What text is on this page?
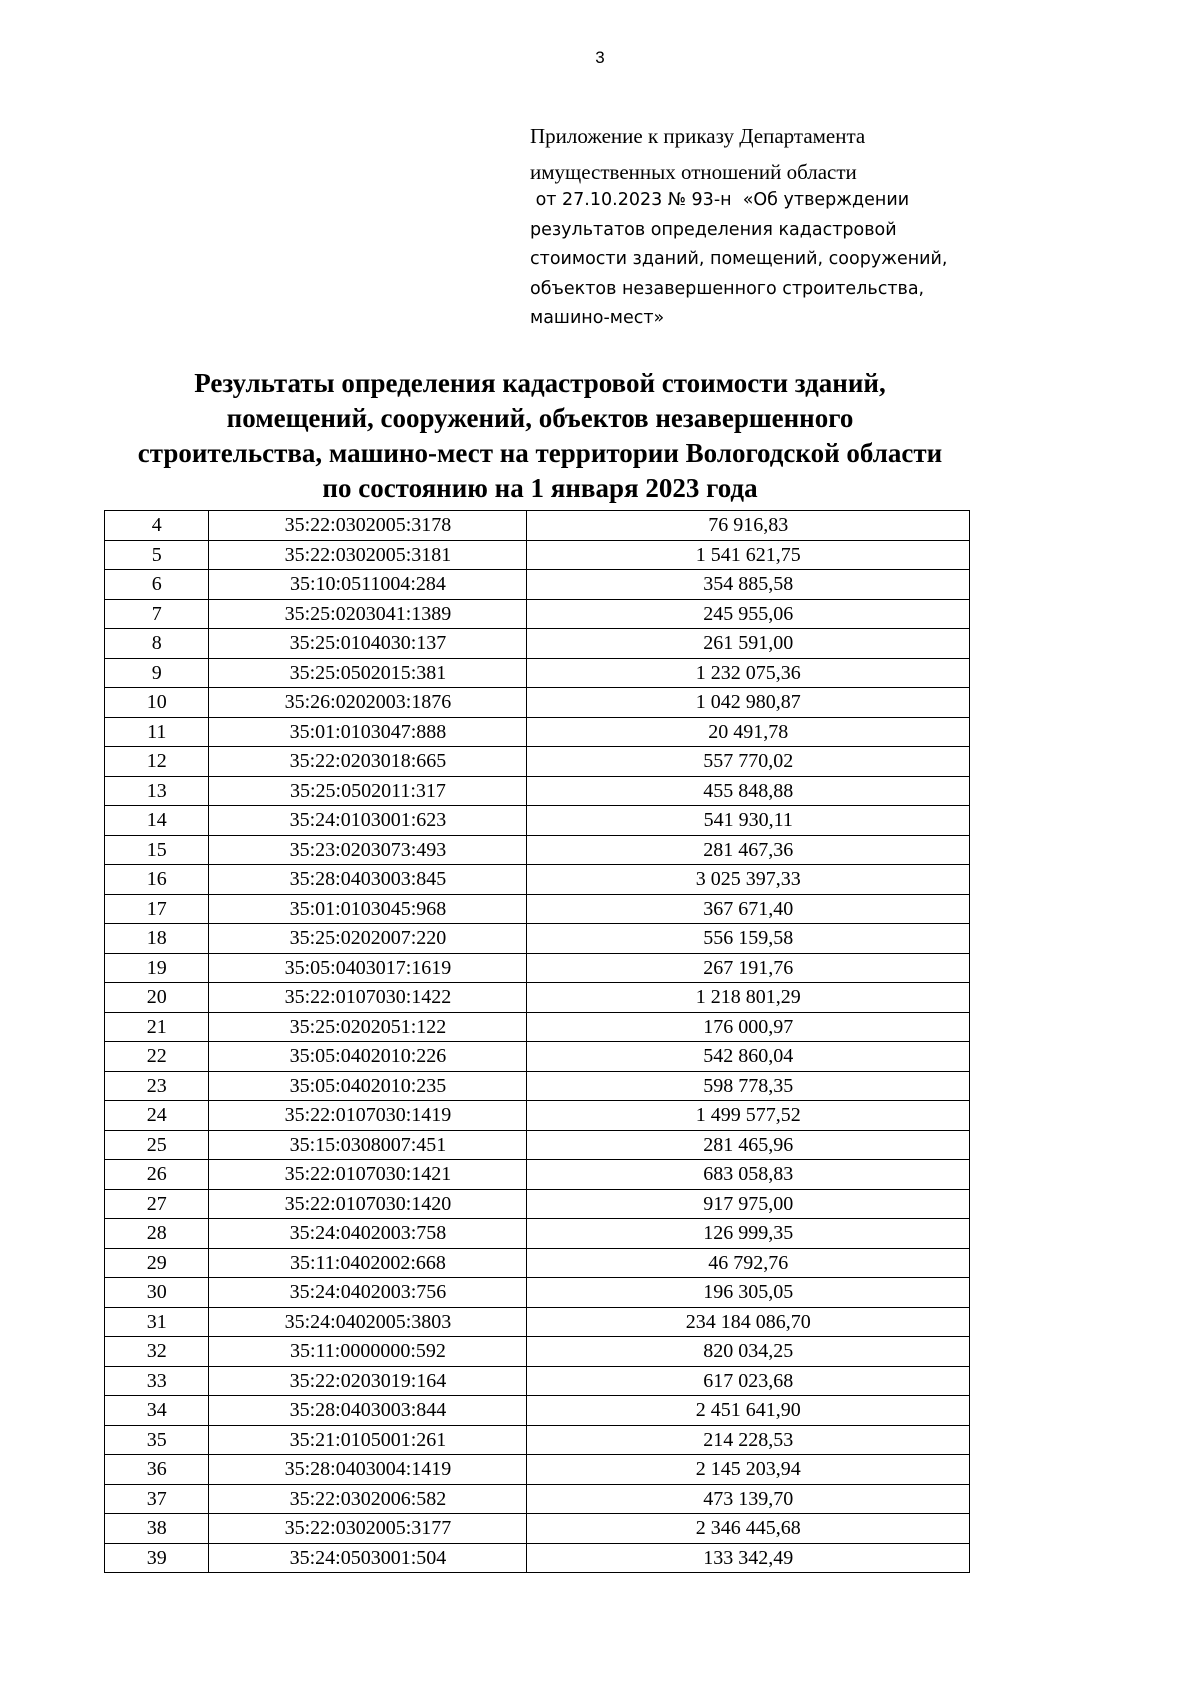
3
Приложение к приказу Департамента
имущественных отношений области
от 27.10.2023 № 93-н  «Об утверждении
результатов определения кадастровой
стоимости зданий, помещений, сооружений,
объектов незавершенного строительства,
машино-мест»
Результаты определения кадастровой стоимости зданий,
помещений, сооружений, объектов незавершенного
строительства, машино-мест на территории Вологодской области
по состоянию на 1 января 2023 года
4	35:22:0302005:3178	76 916,83
5	35:22:0302005:3181	1 541 621,75
6	35:10:0511004:284	354 885,58
7	35:25:0203041:1389	245 955,06
8	35:25:0104030:137	261 591,00
9	35:25:0502015:381	1 232 075,36
10	35:26:0202003:1876	1 042 980,87
11	35:01:0103047:888	20 491,78
12	35:22:0203018:665	557 770,02
13	35:25:0502011:317	455 848,88
14	35:24:0103001:623	541 930,11
15	35:23:0203073:493	281 467,36
16	35:28:0403003:845	3 025 397,33
17	35:01:0103045:968	367 671,40
18	35:25:0202007:220	556 159,58
19	35:05:0403017:1619	267 191,76
20	35:22:0107030:1422	1 218 801,29
21	35:25:0202051:122	176 000,97
22	35:05:0402010:226	542 860,04
23	35:05:0402010:235	598 778,35
24	35:22:0107030:1419	1 499 577,52
25	35:15:0308007:451	281 465,96
26	35:22:0107030:1421	683 058,83
27	35:22:0107030:1420	917 975,00
28	35:24:0402003:758	126 999,35
29	35:11:0402002:668	46 792,76
30	35:24:0402003:756	196 305,05
31	35:24:0402005:3803	234 184 086,70
32	35:11:0000000:592	820 034,25
33	35:22:0203019:164	617 023,68
34	35:28:0403003:844	2 451 641,90
35	35:21:0105001:261	214 228,53
36	35:28:0403004:1419	2 145 203,94
37	35:22:0302006:582	473 139,70
38	35:22:0302005:3177	2 346 445,68
39	35:24:0503001:504	133 342,49
